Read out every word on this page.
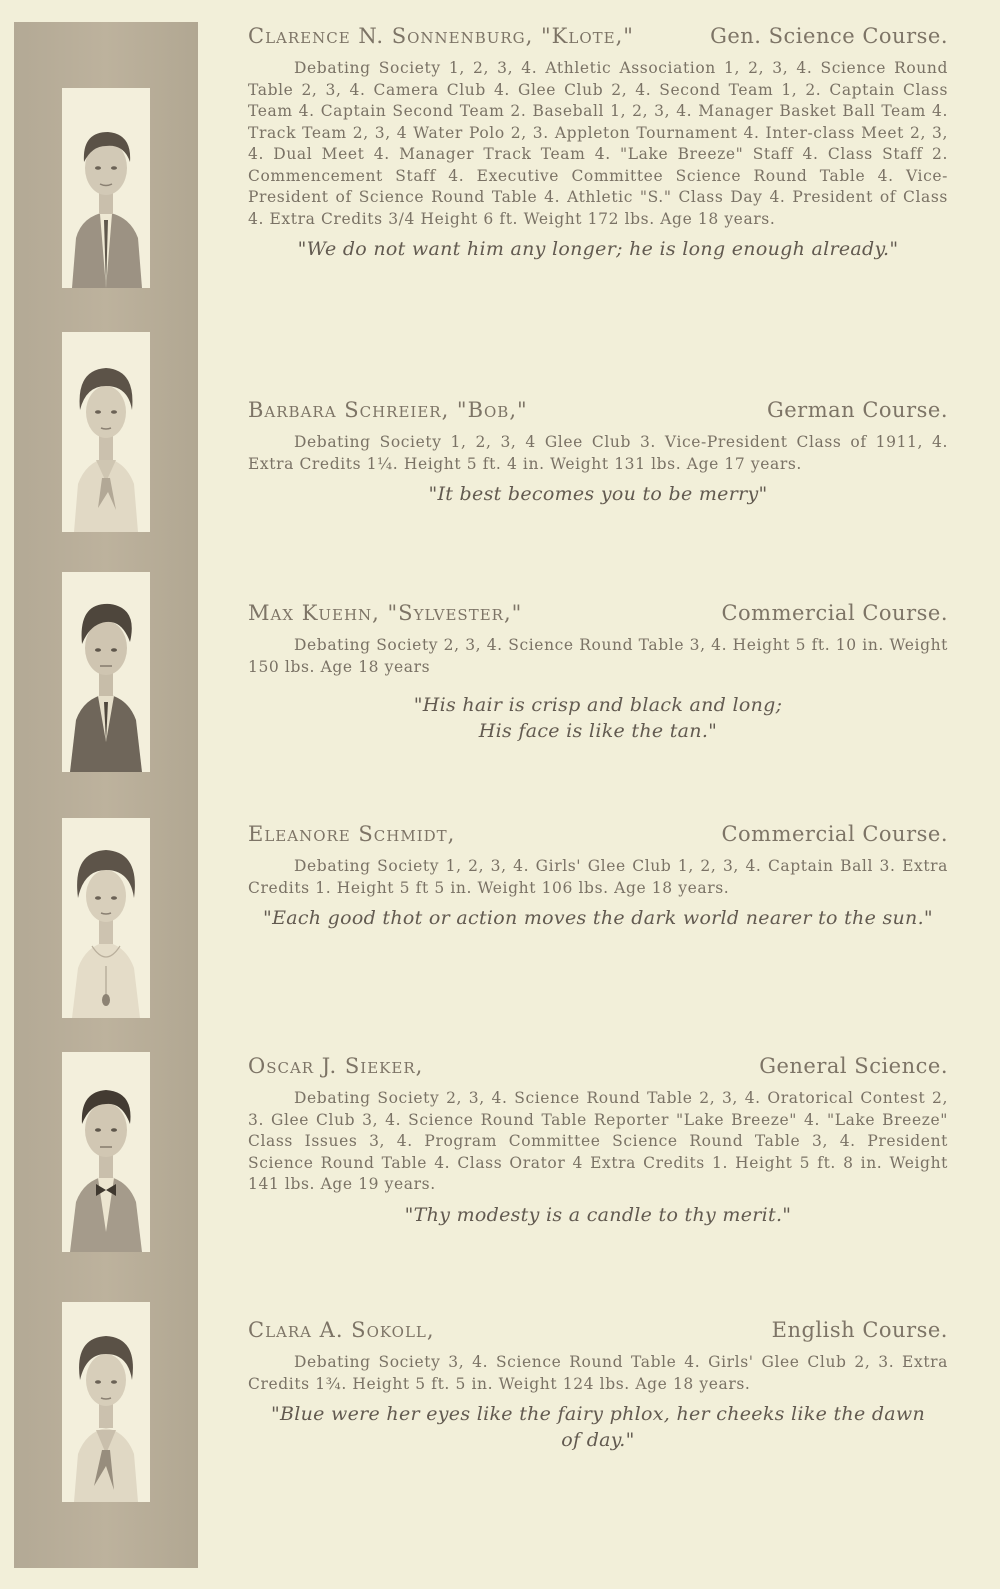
Clarence N. Sonnenburg, "Klote,"	Gen. Science Course.
Debating Society 1, 2, 3, 4. Athletic Association 1, 2, 3, 4. Science Round Table 2, 3, 4. Camera Club 4. Glee Club 2, 4. Second Team 1, 2. Captain Class Team 4. Captain Second Team 2. Baseball 1, 2, 3, 4. Manager Basket Ball Team 4. Track Team 2, 3, 4 Water Polo 2, 3. Appleton Tournament 4. Inter-class Meet 2, 3, 4. Dual Meet 4. Manager Track Team 4. "Lake Breeze" Staff 4. Class Staff 2. Commencement Staff 4. Executive Committee Science Round Table 4. Vice-President of Science Round Table 4. Athletic "S." Class Day 4. President of Class 4. Extra Credits 3/4 Height 6 ft. Weight 172 lbs. Age 18 years.
"We do not want him any longer; he is long enough already."
Barbara Schreier, "Bob,"	German Course.
Debating Society 1, 2, 3, 4 Glee Club 3. Vice-President Class of 1911, 4. Extra Credits 1¼. Height 5 ft. 4 in. Weight 131 lbs. Age 17 years.
"It best becomes you to be merry"
Max Kuehn, "Sylvester,"	Commercial Course.
Debating Society 2, 3, 4. Science Round Table 3, 4. Height 5 ft. 10 in. Weight 150 lbs. Age 18 years
"His hair is crisp and black and long;
His face is like the tan."
Eleanore Schmidt,	Commercial Course.
Debating Society 1, 2, 3, 4. Girls' Glee Club 1, 2, 3, 4. Captain Ball 3. Extra Credits 1. Height 5 ft 5 in. Weight 106 lbs. Age 18 years.
"Each good thot or action moves the dark world nearer to the sun."
Oscar J. Sieker,	General Science.
Debating Society 2, 3, 4. Science Round Table 2, 3, 4. Oratorical Contest 2, 3. Glee Club 3, 4. Science Round Table Reporter "Lake Breeze" 4. "Lake Breeze" Class Issues 3, 4. Program Committee Science Round Table 3, 4. President Science Round Table 4. Class Orator 4 Extra Credits 1. Height 5 ft. 8 in. Weight 141 lbs. Age 19 years.
"Thy modesty is a candle to thy merit."
Clara A. Sokoll,	English Course.
Debating Society 3, 4. Science Round Table 4. Girls' Glee Club 2, 3. Extra Credits 1¾. Height 5 ft. 5 in. Weight 124 lbs. Age 18 years.
"Blue were her eyes like the fairy phlox, her cheeks like the dawn
of day."
